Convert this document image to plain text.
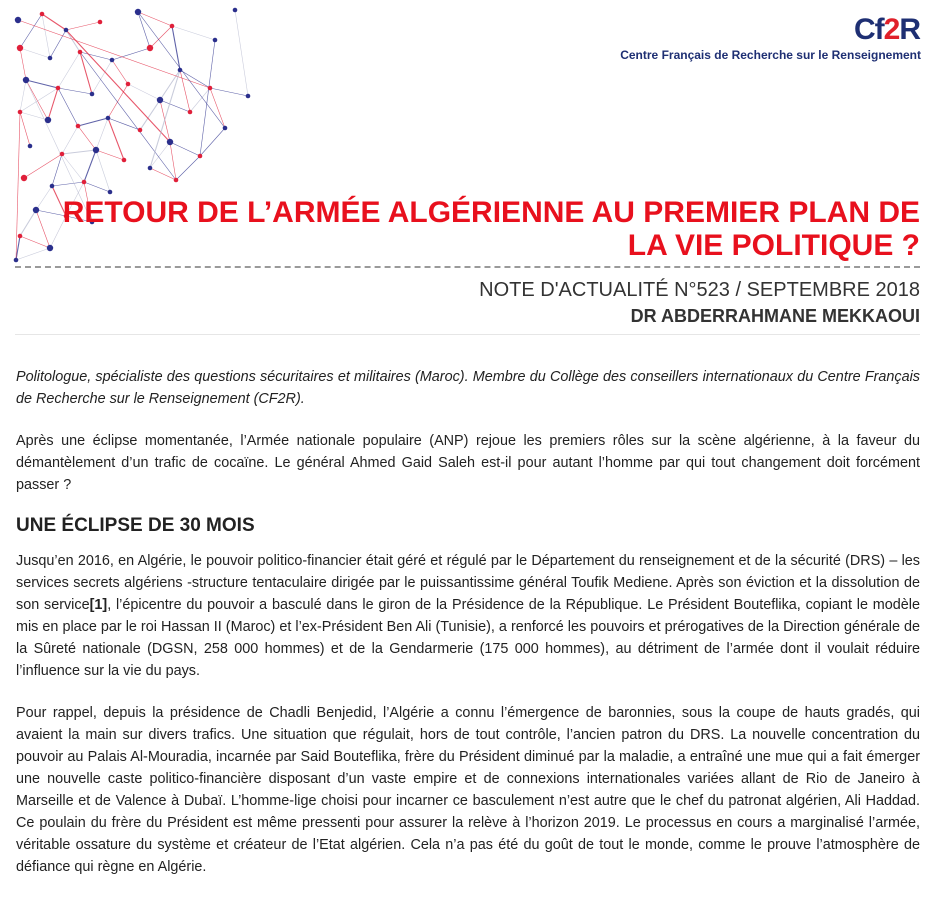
Cf 2 R
Centre Français de Recherche sur le Renseignement
RETOUR DE L’ARMÉE ALGÉRIENNE AU PREMIER PLAN DE LA VIE POLITIQUE ?
NOTE D'ACTUALITÉ N°523 / SEPTEMBRE 2018
DR ABDERRAHMANE MEKKAOUI

Politologue, spécialiste des questions sécuritaires et militaires (Maroc). Membre du Collège des conseillers internationaux du Centre Français de Recherche sur le Renseignement (CF2R).

Après une éclipse momentanée, l’Armée nationale populaire (ANP) rejoue les premiers rôles sur la scène algérienne, à la faveur du démantèlement d’un trafic de cocaïne. Le général Ahmed Gaid Saleh est-il pour autant l’homme par qui tout changement doit forcément passer ?

UNE ÉCLIPSE DE 30 MOIS

Jusqu’en 2016, en Algérie, le pouvoir politico-financier était géré et régulé par le Département du renseignement et de la sécurité (DRS) – les services secrets algériens -structure tentaculaire dirigée par le puissantissime général Toufik Mediene. Après son éviction et la dissolution de son service[1], l’épicentre du pouvoir a basculé dans le giron de la Présidence de la République. Le Président Bouteflika, copiant le modèle mis en place par le roi Hassan II (Maroc) et l’ex-Président Ben Ali (Tunisie), a renforcé les pouvoirs et prérogatives de la Direction générale de la Sûreté nationale (DGSN, 258 000 hommes) et de la Gendarmerie (175 000 hommes), au détriment de l’armée dont il voulait réduire l’influence sur la vie du pays.

Pour rappel, depuis la présidence de Chadli Benjedid, l’Algérie a connu l’émergence de baronnies, sous la coupe de hauts gradés, qui avaient la main sur divers trafics. Une situation que régulait, hors de tout contrôle, l’ancien patron du DRS. La nouvelle concentration du pouvoir au Palais Al-Mouradia, incarnée par Said Bouteflika, frère du Président diminué par la maladie, a entraîné une mue qui a fait émerger une nouvelle caste politico-financière disposant d’un vaste empire et de connexions internationales variées allant de Rio de Janeiro à Marseille et de Valence à Dubaï. L’homme-lige choisi pour incarner ce basculement n’est autre que le chef du patronat algérien, Ali Haddad. Ce poulain du frère du Président est même pressenti pour assurer la relève à l’horizon 2019. Le processus en cours a marginalisé l’armée, véritable ossature du système et créateur de l’Etat algérien. Cela n’a pas été du goût de tout le monde, comme le prouve l’atmosphère de défiance qui règne en Algérie.
